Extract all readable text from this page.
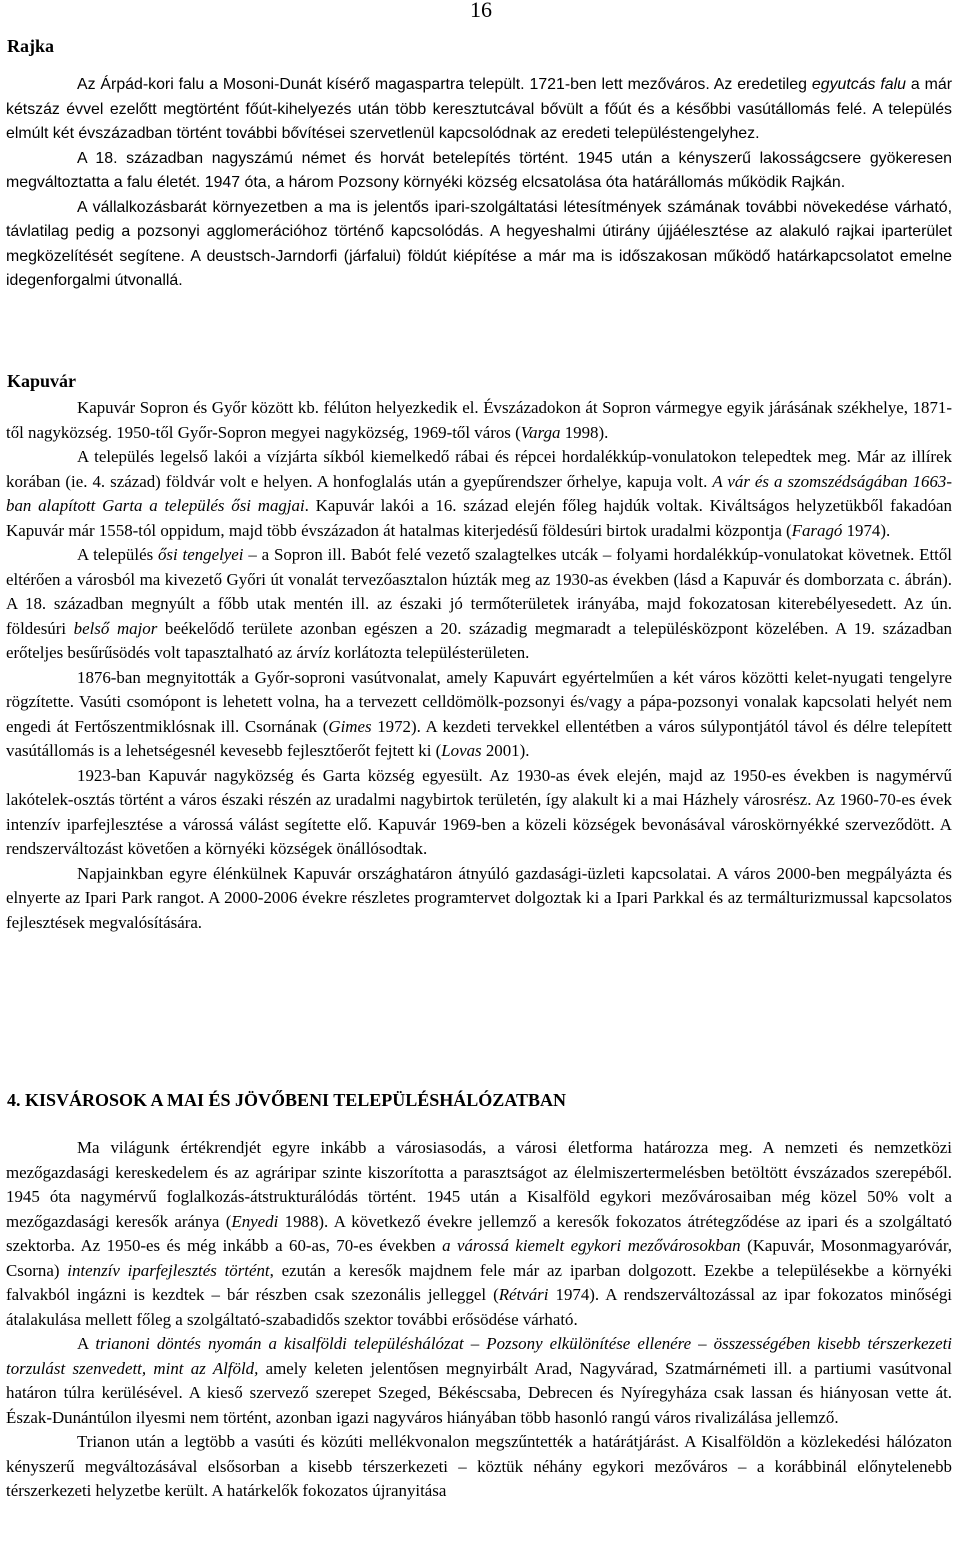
16
Rajka

Az Árpád-kori falu a Mosoni-Dunát kísérő magaspartra települt. 1721-ben lett mezőváros. Az eredetileg egyutcás falu a már kétszáz évvel ezelőtt megtörtént főút-kihelyezés után több keresztutcával bővült a főút és a későbbi vasútállomás felé. A település elmúlt két évszázadban történt további bővítései szervetlenül kapcsolódnak az eredeti településtengelyhez.

A 18. században nagyszámú német és horvát betelepítés történt. 1945 után a kényszerű lakosságcsere gyökeresen megváltoztatta a falu életét. 1947 óta, a három Pozsony környéki község elcsatolása óta határállomás működik Rajkán.

A vállalkozásbarát környezetben a ma is jelentős ipari-szolgáltatási létesítmények számának további növekedése várható, távlatilag pedig a pozsonyi agglomerációhoz történő kapcsolódás. A hegyeshalmi útirány újjáélesztése az alakuló rajkai iparterület megközelítését segítene. A deustsch-Jarndorfi (járfalui) földút kiépítése a már ma is időszakosan működő határkapcsolatot emelne idegenforgalmi útvonallá.

Kapuvár

Kapuvár Sopron és Győr között kb. félúton helyezkedik el. Évszázadokon át Sopron vármegye egyik járásának székhelye, 1871-től nagyközség. 1950-től Győr-Sopron megyei nagyközség, 1969-től város (Varga 1998).

A település legelső lakói a vízjárta síkból kiemelkedő rábai és répcei hordalékkúp-vonulatokon telepedtek meg. Már az illírek korában (ie. 4. század) földvár volt e helyen. A honfoglalás után a gyepűrendszer őrhelye, kapuja volt. A vár és a szomszédságában 1663-ban alapított Garta a település ősi magjai. Kapuvár lakói a 16. század elején főleg hajdúk voltak. Kiváltságos helyzetükből fakadóan Kapuvár már 1558-tól oppidum, majd több évszázadon át hatalmas kiterjedésű földesúri birtok uradalmi központja (Faragó 1974).

A település ősi tengelyei – a Sopron ill. Babót felé vezető szalagtelkes utcák – folyami hordalékkúp-vonulatokat követnek. Ettől eltérően a városból ma kivezető Győri út vonalát tervezőasztalon húzták meg az 1930-as években (lásd a Kapuvár és domborzata c. ábrán). A 18. században megnyúlt a főbb utak mentén ill. az északi jó termőterületek irányába, majd fokozatosan kiterebélyesedett. Az ún. földesúri belső major beékelődő területe azonban egészen a 20. századig megmaradt a településközpont közelében. A 19. században erőteljes besűrűsödés volt tapasztalható az árvíz korlátozta településterületen.

1876-ban megnyitották a Győr-soproni vasútvonalat, amely Kapuvárt egyértelműen a két város közötti kelet-nyugati tengelyre rögzítette. Vasúti csomópont is lehetett volna, ha a tervezett celldömölk-pozsonyi és/vagy a pápa-pozsonyi vonalak kapcsolati helyét nem engedi át Fertőszentmiklósnak ill. Csornának (Gimes 1972). A kezdeti tervekkel ellentétben a város súlypontjától távol és délre telepített vasútállomás is a lehetségesnél kevesebb fejlesztőerőt fejtett ki (Lovas 2001).

1923-ban Kapuvár nagyközség és Garta község egyesült. Az 1930-as évek elején, majd az 1950-es években is nagymérvű lakótelek-osztás történt a város északi részén az uradalmi nagybirtok területén, így alakult ki a mai Házhely városrész. Az 1960-70-es évek intenzív iparfejlesztése a várossá válást segítette elő. Kapuvár 1969-ben a közeli községek bevonásával városkörnyékké szerveződött. A rendszerváltozást követően a környéki községek önállósodtak.

Napjainkban egyre élénkülnek Kapuvár országhatáron átnyúló gazdasági-üzleti kapcsolatai. A város 2000-ben megpályázta és elnyerte az Ipari Park rangot. A 2000-2006 évekre részletes programtervet dolgoztak ki a Ipari Parkkal és az termálturizmussal kapcsolatos fejlesztések megvalósítására.

4. KISVÁROSOK A MAI ÉS JÖVŐBENI TELEPÜLÉSHÁLÓZATBAN

Ma világunk értékrendjét egyre inkább a városiasodás, a városi életforma határozza meg. A nemzeti és nemzetközi mezőgazdasági kereskedelem és az agráripar szinte kiszorította a parasztságot az élelmiszertermelésben betöltött évszázados szerepéből. 1945 óta nagymérvű foglalkozás-átstrukturálódás történt. 1945 után a Kisalföld egykori mezővárosaiban még közel 50% volt a mezőgazdasági keresők aránya (Enyedi 1988). A következő évekre jellemző a keresők fokozatos átrétegződése az ipari és a szolgáltató szektorba. Az 1950-es és még inkább a 60-as, 70-es években a várossá kiemelt egykori mezővárosokban (Kapuvár, Mosonmagyaróvár, Csorna) intenzív iparfejlesztés történt, ezután a keresők majdnem fele már az iparban dolgozott. Ezekbe a településekbe a környéki falvakból ingázni is kezdtek – bár részben csak szezonális jelleggel (Rétvári 1974). A rendszerváltozással az ipar fokozatos minőségi átalakulása mellett főleg a szolgáltató-szabadidős szektor további erősödése várható.

A trianoni döntés nyomán a kisalföldi településhálózat – Pozsony elkülönítése ellenére – összességében kisebb térszerkezeti torzulást szenvedett, mint az Alföld, amely keleten jelentősen megnyirbált Arad, Nagyvárad, Szatmárnémeti ill. a partiumi vasútvonal határon túlra kerülésével. A kieső szervező szerepet Szeged, Békéscsaba, Debrecen és Nyíregyháza csak lassan és hiányosan vette át. Észak-Dunántúlon ilyesmi nem történt, azonban igazi nagyváros hiányában több hasonló rangú város rivalizálása jellemző.

Trianon után a legtöbb a vasúti és közúti mellékvonalon megszűntették a határátjárást. A Kisalföldön a közlekedési hálózaton kényszerű megváltozásával elsősorban a kisebb térszerkezeti – köztük néhány egykori mezőváros – a korábbinál előnytelenebb térszerkezeti helyzetbe került. A határkelők fokozatos újranyitása
